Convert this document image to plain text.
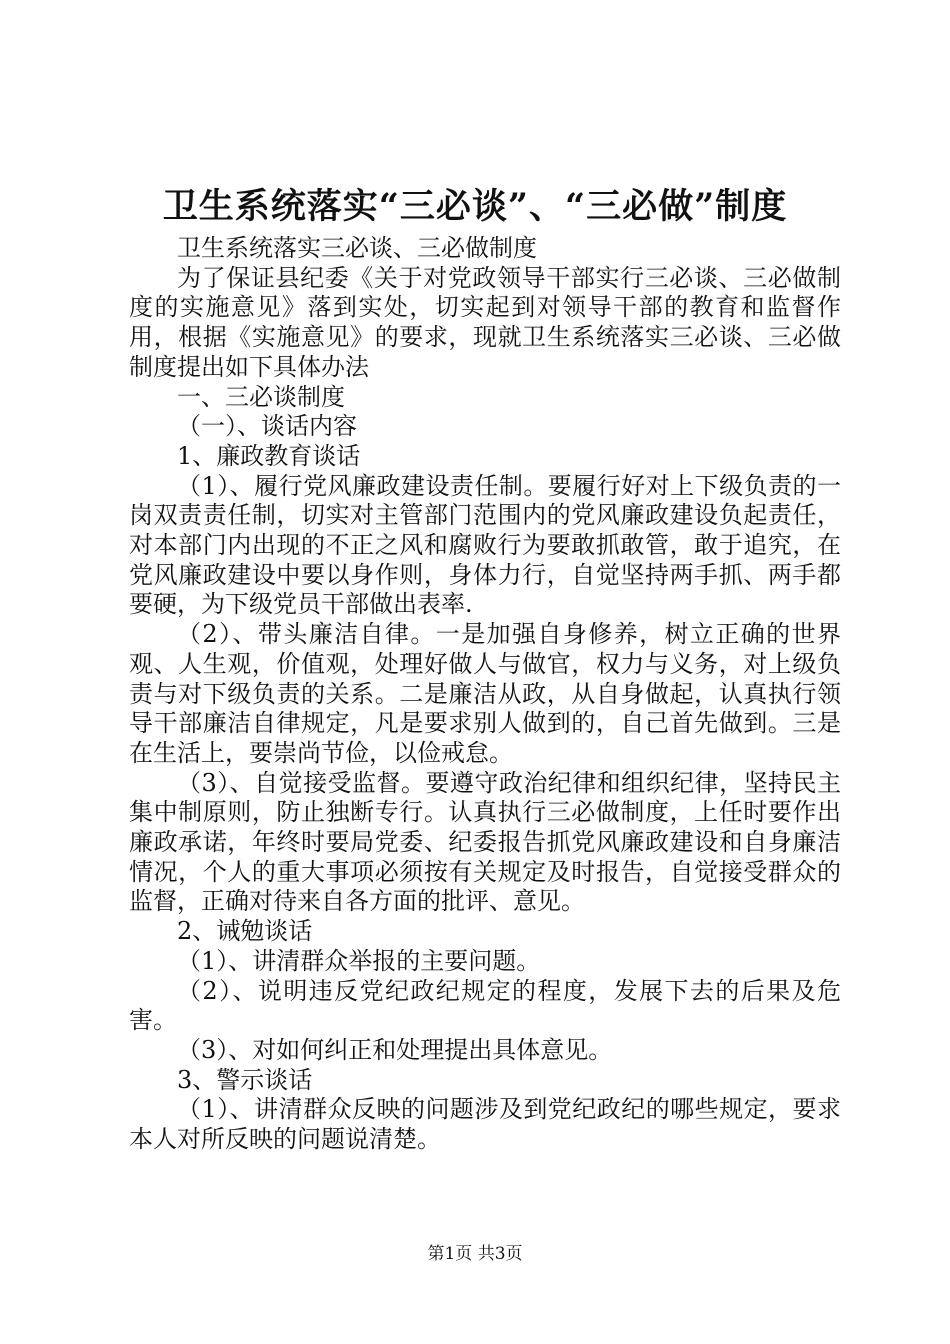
卫生系统落实“三必谈”、“三必做”制度

卫生系统落实三必谈、三必做制度

为了保证县纪委《关于对党政领导干部实行三必谈、三必做制度的实施意见》落到实处，切实起到对领导干部的教育和监督作用，根据《实施意见》的要求，现就卫生系统落实三必谈、三必做制度提出如下具体办法

一、三必谈制度

（一）、谈话内容

1、廉政教育谈话

（1）、履行党风廉政建设责任制。要履行好对上下级负责的一岗双责责任制，切实对主管部门范围内的党风廉政建设负起责任，对本部门内出现的不正之风和腐败行为要敢抓敢管，敢于追究，在党风廉政建设中要以身作则，身体力行，自觉坚持两手抓、两手都要硬，为下级党员干部做出表率.

（2）、带头廉洁自律。一是加强自身修养，树立正确的世界观、人生观，价值观，处理好做人与做官，权力与义务，对上级负责与对下级负责的关系。二是廉洁从政，从自身做起，认真执行领导干部廉洁自律规定，凡是要求别人做到的，自己首先做到。三是在生活上，要崇尚节俭，以俭戒怠。

（3）、自觉接受监督。要遵守政治纪律和组织纪律，坚持民主集中制原则，防止独断专行。认真执行三必做制度，上任时要作出廉政承诺，年终时要局党委、纪委报告抓党风廉政建设和自身廉洁情况，个人的重大事项必须按有关规定及时报告，自觉接受群众的监督，正确对待来自各方面的批评、意见。

2、诫勉谈话

（1）、讲清群众举报的主要问题。

（2）、说明违反党纪政纪规定的程度，发展下去的后果及危害。

（3）、对如何纠正和处理提出具体意见。

3、警示谈话

（1）、讲清群众反映的问题涉及到党纪政纪的哪些规定，要求本人对所反映的问题说清楚。

第1页 共3页
